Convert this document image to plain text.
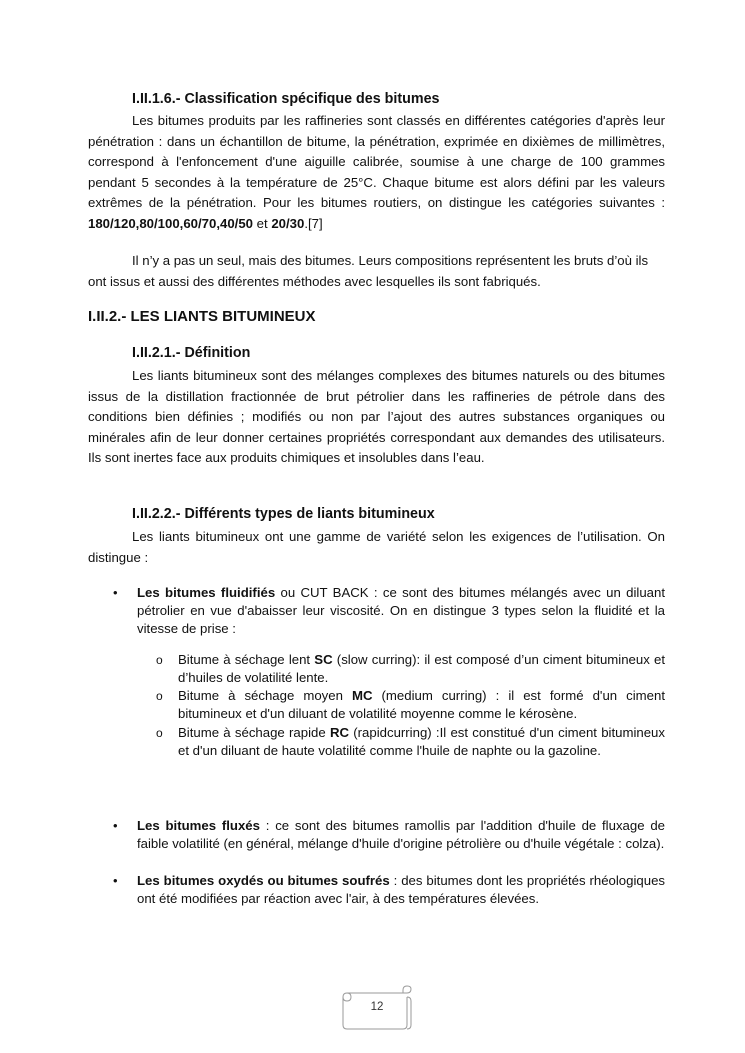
I.II.1.6.- Classification spécifique des bitumes
Les bitumes produits par les raffineries sont classés en différentes catégories d'après leur pénétration : dans un échantillon de bitume, la pénétration, exprimée en dixièmes de millimètres, correspond à l'enfoncement d'une aiguille calibrée, soumise à une charge de 100 grammes pendant 5 secondes à la température de 25°C. Chaque bitume est alors défini par les valeurs extrêmes de la pénétration. Pour les bitumes routiers, on distingue les catégories suivantes : 180/120,80/100,60/70,40/50 et 20/30.[7]
Il n’y a pas un seul, mais des bitumes. Leurs compositions représentent les bruts d’où ils ont issus et aussi des différentes méthodes avec lesquelles ils sont fabriqués.
I.II.2.- LES LIANTS BITUMINEUX
I.II.2.1.- Définition
Les liants bitumineux sont des mélanges complexes des bitumes naturels ou des bitumes issus de la distillation fractionnée de brut pétrolier dans les raffineries de pétrole dans des conditions bien définies ; modifiés ou non par l’ajout des autres substances organiques ou minérales afin de leur donner certaines propriétés correspondant aux demandes des utilisateurs. Ils sont inertes face aux produits chimiques et insolubles dans l’eau.
I.II.2.2.- Différents types de liants bitumineux
Les liants bitumineux ont une gamme de variété selon les exigences de l’utilisation. On distingue :
• Les bitumes fluidifiés ou CUT BACK : ce sont des bitumes mélangés avec un diluant pétrolier en vue d'abaisser leur viscosité. On en distingue 3 types selon la fluidité et la vitesse de prise :
o Bitume à séchage lent SC (slow curring): il est composé d’un ciment bitumineux et d’huiles de volatilité lente.
o Bitume à séchage moyen MC (medium curring) : il est formé d'un ciment bitumineux et d'un diluant de volatilité moyenne comme le kérosène.
o Bitume à séchage rapide RC (rapidcurring) :Il est constitué d'un ciment bitumineux et d'un diluant de haute volatilité comme l'huile de naphte ou la gazoline.
• Les bitumes fluxés : ce sont des bitumes ramollis par l'addition d'huile de fluxage de faible volatilité (en général, mélange d'huile d'origine pétrolière ou d'huile végétale : colza).
• Les bitumes oxydés ou bitumes soufrés : des bitumes dont les propriétés rhéologiques ont été modifiées par réaction avec l'air, à des températures élevées.
12
